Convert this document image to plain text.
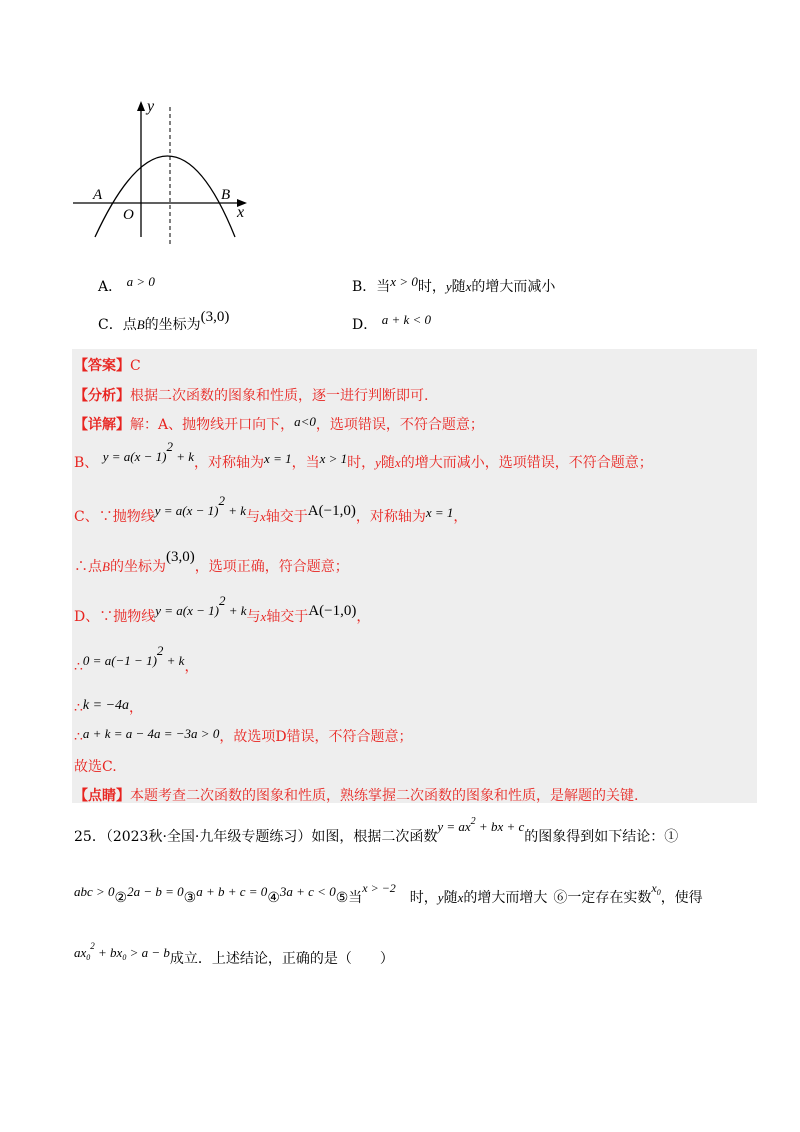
y
x
O
A	B
A． a > 0	B．当x > 0时，y随x的增大而减小
C．点B的坐标为(3,0)	D． a + k < 0
【答案】C
【分析】根据二次函数的图象和性质，逐一进行判断即可.
【详解】解：A、抛物线开口向下，a<0，选项错误，不符合题意；
B、 y = a(x − 1)2 + k，对称轴为x = 1，当x > 1时，y随x的增大而减小，选项错误，不符合题意；
C、∵抛物线y = a(x − 1)2 + k与x轴交于A(−1,0)，对称轴为x = 1，
∴点B的坐标为(3,0)，选项正确，符合题意；
D、∵抛物线y = a(x − 1)2 + k与x轴交于A(−1,0)，
∴0 = a(−1 − 1)2 + k，
∴k = −4a，
∴a + k = a − 4a = −3a > 0，故选项D错误，不符合题意；
故选C.
【点睛】本题考查二次函数的图象和性质，熟练掌握二次函数的图象和性质，是解题的关键.
25．（2023秋·全国·九年级专题练习）如图，根据二次函数$y = ax^2$ + bx + c的图象得到如下结论：①
abc > 0②2a − b = 0③a + b + c = 0④3a + c < 0⑤当x > −2时，y随x的增大而增大 ⑥一定存在实数$x_0$，使得
$ax_0^2 + bx_0 > a - b$成立．上述结论，正确的是（　　）
